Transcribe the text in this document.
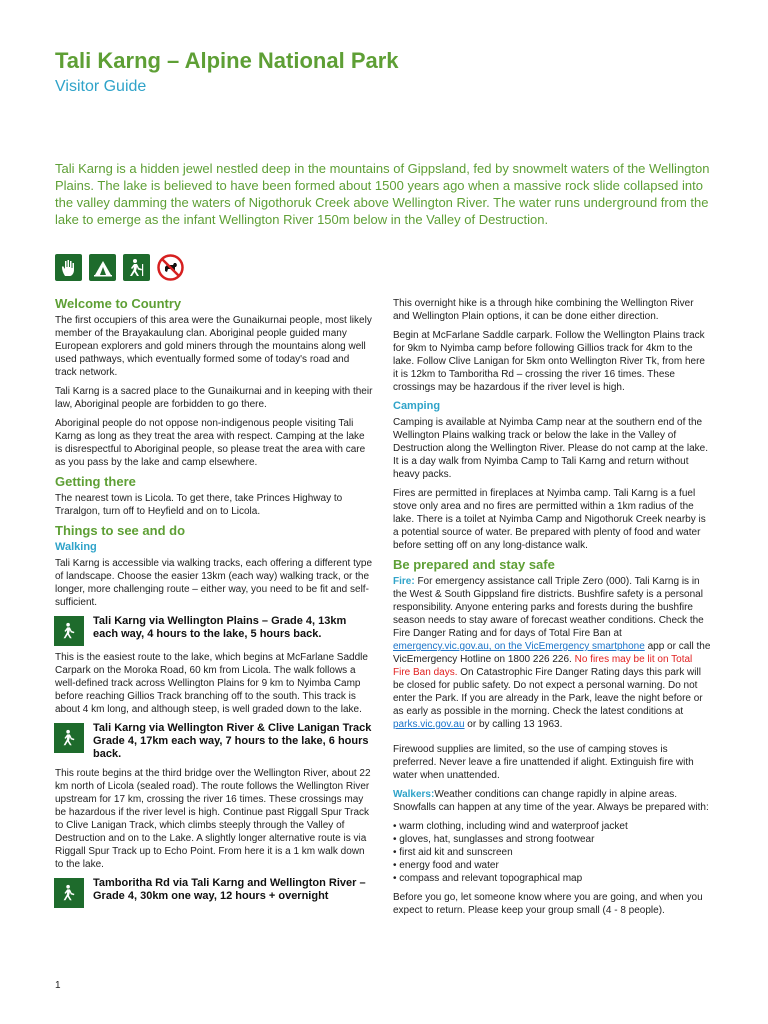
Tali Karng – Alpine National Park
Visitor Guide
Tali Karng is a hidden jewel nestled deep in the mountains of Gippsland, fed by snowmelt waters of the Wellington Plains. The lake is believed to have been formed about 1500 years ago when a massive rock slide collapsed into the valley damming the waters of Nigothoruk Creek above Wellington River. The water runs underground from the lake to emerge as the infant Wellington River 150m below in the Valley of Destruction.
Welcome to Country

The first occupiers of this area were the Gunaikurnai people, most likely member of the Brayakaulung clan. Aboriginal people guided many European explorers and gold miners through the mountains along well used pathways, which eventually formed some of today's road and track network.

Tali Karng is a sacred place to the Gunaikurnai and in keeping with their law, Aboriginal people are forbidden to go there.

Aboriginal people do not oppose non-indigenous people visiting Tali Karng as long as they treat the area with respect. Camping at the lake is disrespectful to Aboriginal people, so please treat the area with care as you pass by the lake and camp elsewhere.

Getting there

The nearest town is Licola. To get there, take Princes Highway to Traralgon, turn off to Heyfield and on to Licola.

Things to see and do
Walking

Tali Karng is accessible via walking tracks, each offering a different type of landscape. Choose the easier 13km (each way) walking track, or the longer, more challenging route – either way, you need to be fit and self-sufficient.

Tali Karng via Wellington Plains – Grade 4, 13km each way, 4 hours to the lake, 5 hours back.

This is the easiest route to the lake, which begins at McFarlane Saddle Carpark on the Moroka Road, 60 km from Licola. The walk follows a well-defined track across Wellington Plains for 9 km to Nyimba Camp before reaching Gillios Track branching off to the south. This track is about 4 km long, and although steep, is well graded down to the lake.

Tali Karng via Wellington River & Clive Lanigan Track Grade 4, 17km each way, 7 hours to the lake, 6 hours back.

This route begins at the third bridge over the Wellington River, about 22 km north of Licola (sealed road). The route follows the Wellington River upstream for 17 km, crossing the river 16 times. These crossings may be hazardous if the river level is high. Continue past Riggall Spur Track to Clive Lanigan Track, which climbs steeply through the Valley of Destruction and on to the Lake. A slightly longer alternative route is via Riggall Spur Track up to Echo Point. From here it is a 1 km walk down to the lake.

Tamboritha Rd via Tali Karng and Wellington River – Grade 4, 30km one way, 12 hours + overnight

This overnight hike is a through hike combining the Wellington River and Wellington Plain options, it can be done either direction.

Begin at McFarlane Saddle carpark. Follow the Wellington Plains track for 9km to Nyimba camp before following Gillios track for 4km to the lake. Follow Clive Lanigan for 5km onto Wellington River Tk, from here it is 12km to Tamboritha Rd – crossing the river 16 times. These crossings may be hazardous if the river level is high.

Camping

Camping is available at Nyimba Camp near at the southern end of the Wellington Plains walking track or below the lake in the Valley of Destruction along the Wellington River. Please do not camp at the lake. It is a day walk from Nyimba Camp to Tali Karng and return without heavy packs.

Fires are permitted in fireplaces at Nyimba camp. Tali Karng is a fuel stove only area and no fires are permitted within a 1km radius of the lake. There is a toilet at Nyimba Camp and Nigothoruk Creek nearby is a potential source of water. Be prepared with plenty of food and water before setting off on any long-distance walk.

Be prepared and stay safe

Fire: For emergency assistance call Triple Zero (000). Tali Karng is in the West & South Gippsland fire districts. Bushfire safety is a personal responsibility. Anyone entering parks and forests during the bushfire season needs to stay aware of forecast weather conditions. Check the Fire Danger Rating and for days of Total Fire Ban at emergency.vic.gov.au, on the VicEmergency smartphone app or call the VicEmergency Hotline on 1800 226 226. No fires may be lit on Total Fire Ban days. On Catastrophic Fire Danger Rating days this park will be closed for public safety. Do not expect a personal warning. Do not enter the Park. If you are already in the Park, leave the night before or as early as possible in the morning. Check the latest conditions at parks.vic.gov.au or by calling 13 1963.

Firewood supplies are limited, so the use of camping stoves is preferred. Never leave a fire unattended if alight. Extinguish fire with water when unattended.

Walkers:Weather conditions can change rapidly in alpine areas. Snowfalls can happen at any time of the year. Always be prepared with:

• warm clothing, including wind and waterproof jacket
• gloves, hat, sunglasses and strong footwear
• first aid kit and sunscreen
• energy food and water
• compass and relevant topographical map

Before you go, let someone know where you are going, and when you expect to return. Please keep your group small (4 - 8 people).

1
